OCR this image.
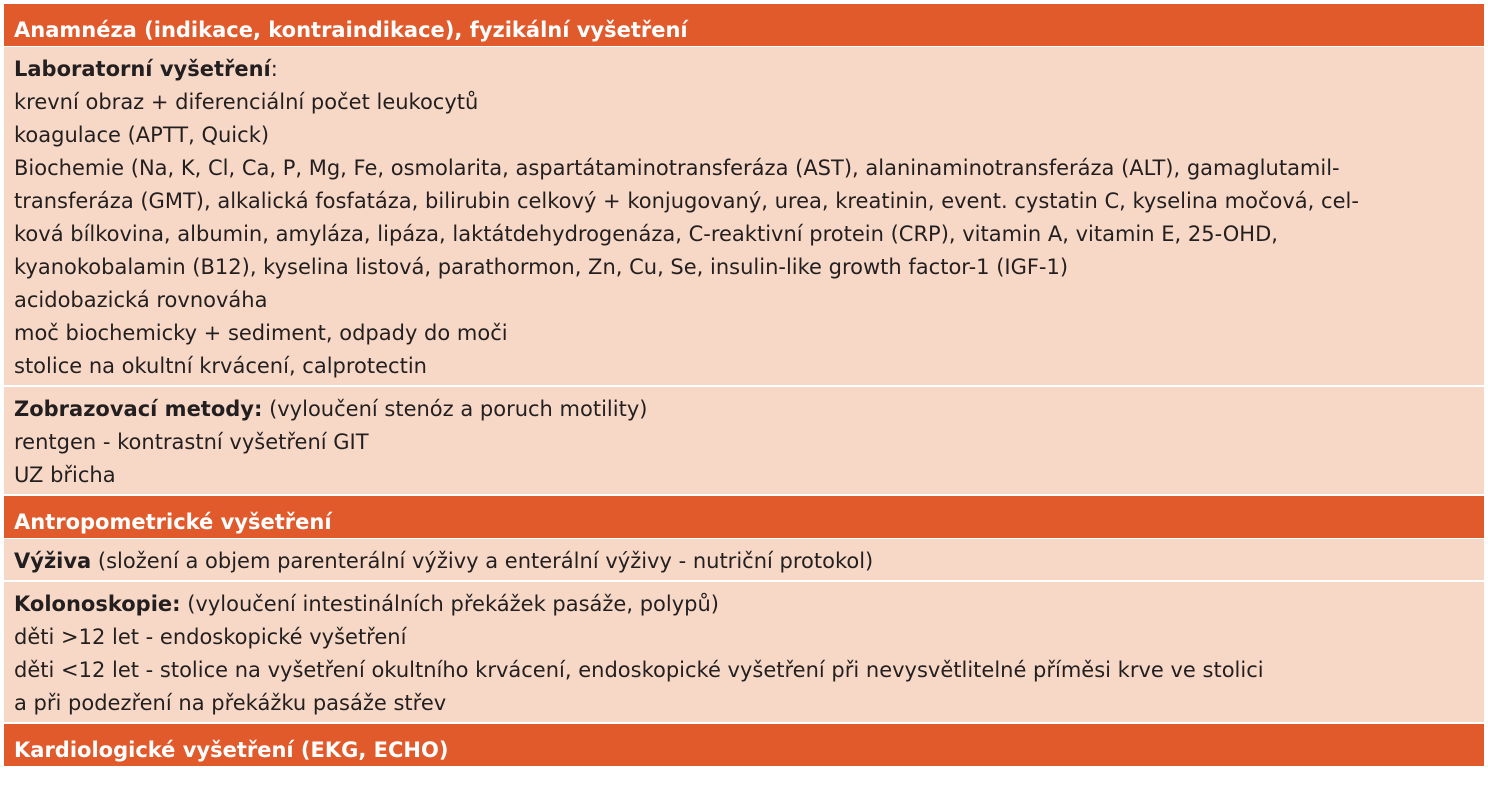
Anamnéza (indikace, kontraindikace), fyzikální vyšetření
Laboratorní vyšetření:
krevní obraz + diferenciální počet leukocytů
koagulace (APTT, Quick)
Biochemie (Na, K, Cl, Ca, P, Mg, Fe, osmolarita, aspartátaminotransferáza (AST), alaninaminotransferáza (ALT), gamaglutamil-
transferáza (GMT), alkalická fosfatáza, bilirubin celkový + konjugovaný, urea, kreatinin, event. cystatin C, kyselina močová, cel-
ková bílkovina, albumin, amyláza, lipáza, laktátdehydrogenáza, C-reaktivní protein (CRP), vitamin A, vitamin E, 25-OHD,
kyanokobalamin (B12), kyselina listová, parathormon, Zn, Cu, Se, insulin-like growth factor-1 (IGF-1)
acidobazická rovnováha
moč biochemicky + sediment, odpady do moči
stolice na okultní krvácení, calprotectin
Zobrazovací metody: (vyloučení stenóz a poruch motility)
rentgen - kontrastní vyšetření GIT
UZ břicha
Antropometrické vyšetření
Výživa (složení a objem parenterální výživy a enterální výživy - nutriční protokol)
Kolonoskopie: (vyloučení intestinálních překážek pasáže, polypů)
děti >12 let - endoskopické vyšetření
děti <12 let - stolice na vyšetření okultního krvácení, endoskopické vyšetření při nevysvětlitelné příměsi krve ve stolici
a při podezření na překážku pasáže střev
Kardiologické vyšetření (EKG, ECHO)
